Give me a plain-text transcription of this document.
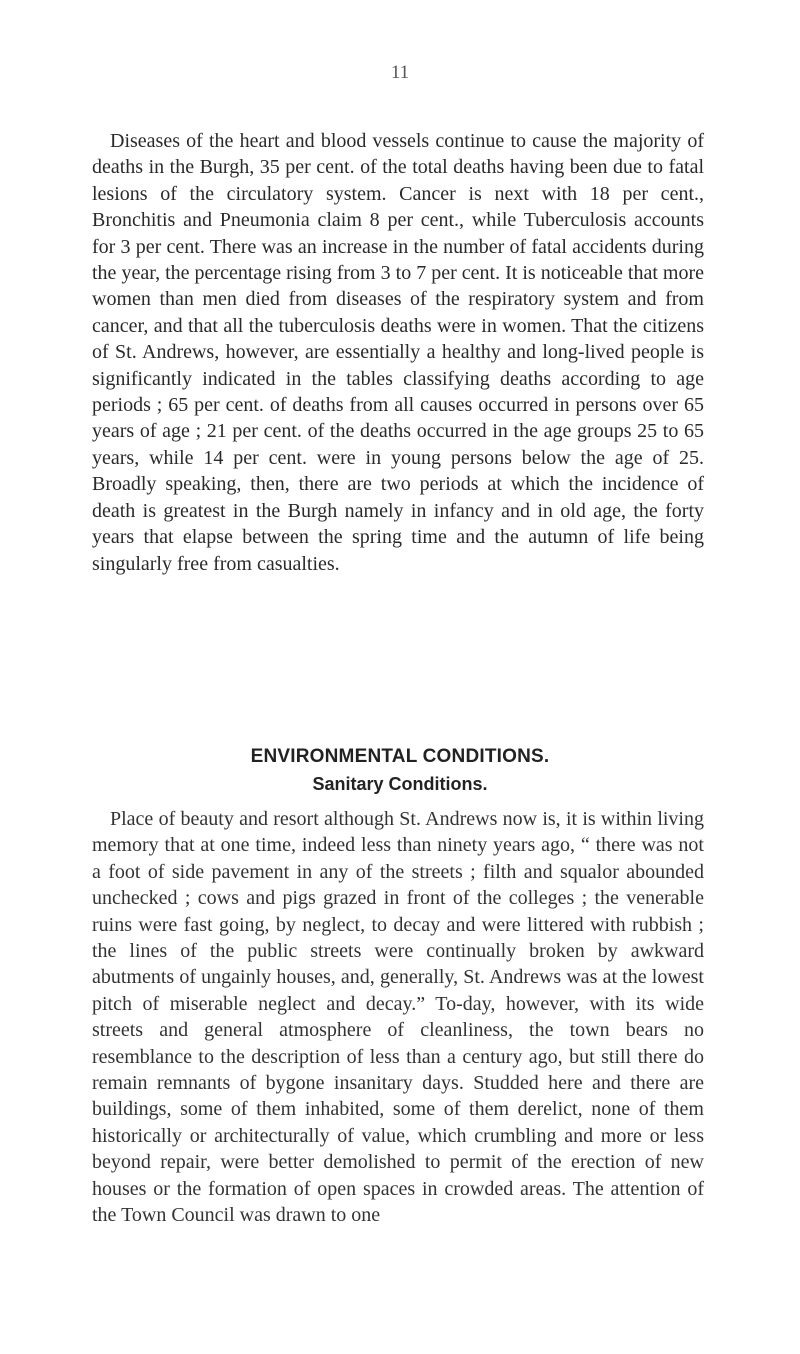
11

Diseases of the heart and blood vessels continue to cause the majority of deaths in the Burgh, 35 per cent. of the total deaths having been due to fatal lesions of the circulatory system. Cancer is next with 18 per cent., Bronchitis and Pneumonia claim 8 per cent., while Tuberculosis accounts for 3 per cent. There was an increase in the number of fatal accidents during the year, the percentage rising from 3 to 7 per cent. It is noticeable that more women than men died from diseases of the respiratory system and from cancer, and that all the tuberculosis deaths were in women. That the citizens of St. Andrews, however, are essentially a healthy and long-lived people is significantly indicated in the tables classifying deaths according to age periods ; 65 per cent. of deaths from all causes occurred in persons over 65 years of age ; 21 per cent. of the deaths occurred in the age groups 25 to 65 years, while 14 per cent. were in young persons below the age of 25. Broadly speaking, then, there are two periods at which the incidence of death is greatest in the Burgh namely in infancy and in old age, the forty years that elapse between the spring time and the autumn of life being singularly free from casualties.

ENVIRONMENTAL CONDITIONS.
Sanitary Conditions.

Place of beauty and resort although St. Andrews now is, it is within living memory that at one time, indeed less than ninety years ago, “ there was not a foot of side pavement in any of the streets ; filth and squalor abounded unchecked ; cows and pigs grazed in front of the colleges ; the venerable ruins were fast going, by neglect, to decay and were littered with rubbish ; the lines of the public streets were continually broken by awkward abutments of ungainly houses, and, generally, St. Andrews was at the lowest pitch of miserable neglect and decay.” To-day, however, with its wide streets and general atmosphere of cleanliness, the town bears no resemblance to the description of less than a century ago, but still there do remain remnants of bygone insanitary days. Studded here and there are buildings, some of them inhabited, some of them derelict, none of them historically or architecturally of value, which crumbling and more or less beyond repair, were better demolished to permit of the erection of new houses or the formation of open spaces in crowded areas. The attention of the Town Council was drawn to one
